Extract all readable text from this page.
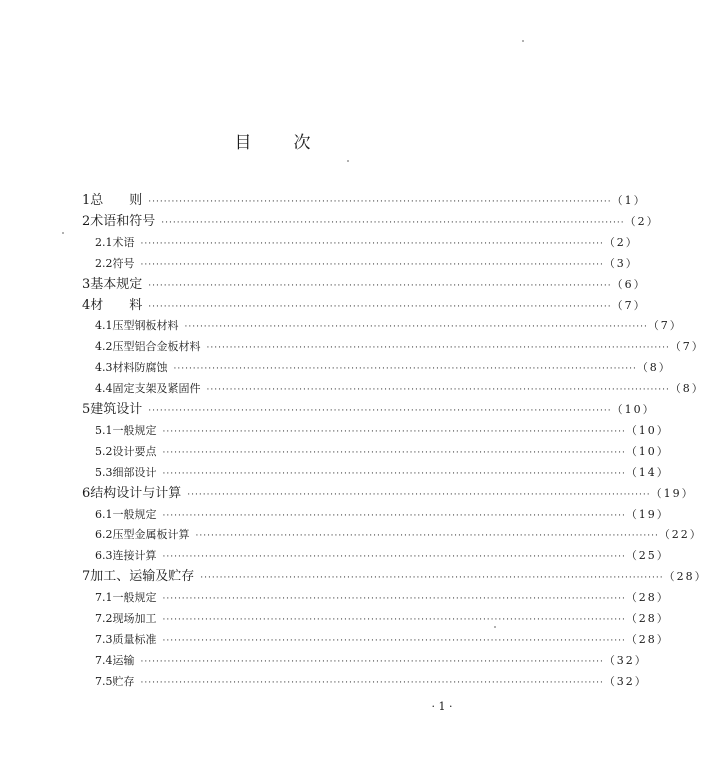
目 次
1 总　　则 ························································································································ （1）
2 术语和符号 ························································································································ （2）
2.1 术语 ························································································································ （2）
2.2 符号 ························································································································ （3）
3 基本规定 ························································································································ （6）
4 材　　料 ························································································································ （7）
4.1 压型钢板材料 ························································································································ （7）
4.2 压型铝合金板材料 ························································································································ （7）
4.3 材料防腐蚀 ························································································································ （8）
4.4 固定支架及紧固件 ························································································································ （8）
5 建筑设计 ························································································································ （10）
5.1 一般规定 ························································································································ （10）
5.2 设计要点 ························································································································ （10）
5.3 细部设计 ························································································································ （14）
6 结构设计与计算 ························································································································ （19）
6.1 一般规定 ························································································································ （19）
6.2 压型金属板计算 ························································································································ （22）
6.3 连接计算 ························································································································ （25）
7 加工、运输及贮存 ························································································································ （28）
7.1 一般规定 ························································································································ （28）
7.2 现场加工 ························································································································ （28）
7.3 质量标准 ························································································································ （28）
7.4 运输 ························································································································ （32）
7.5 贮存 ························································································································ （32）
· 1 ·
